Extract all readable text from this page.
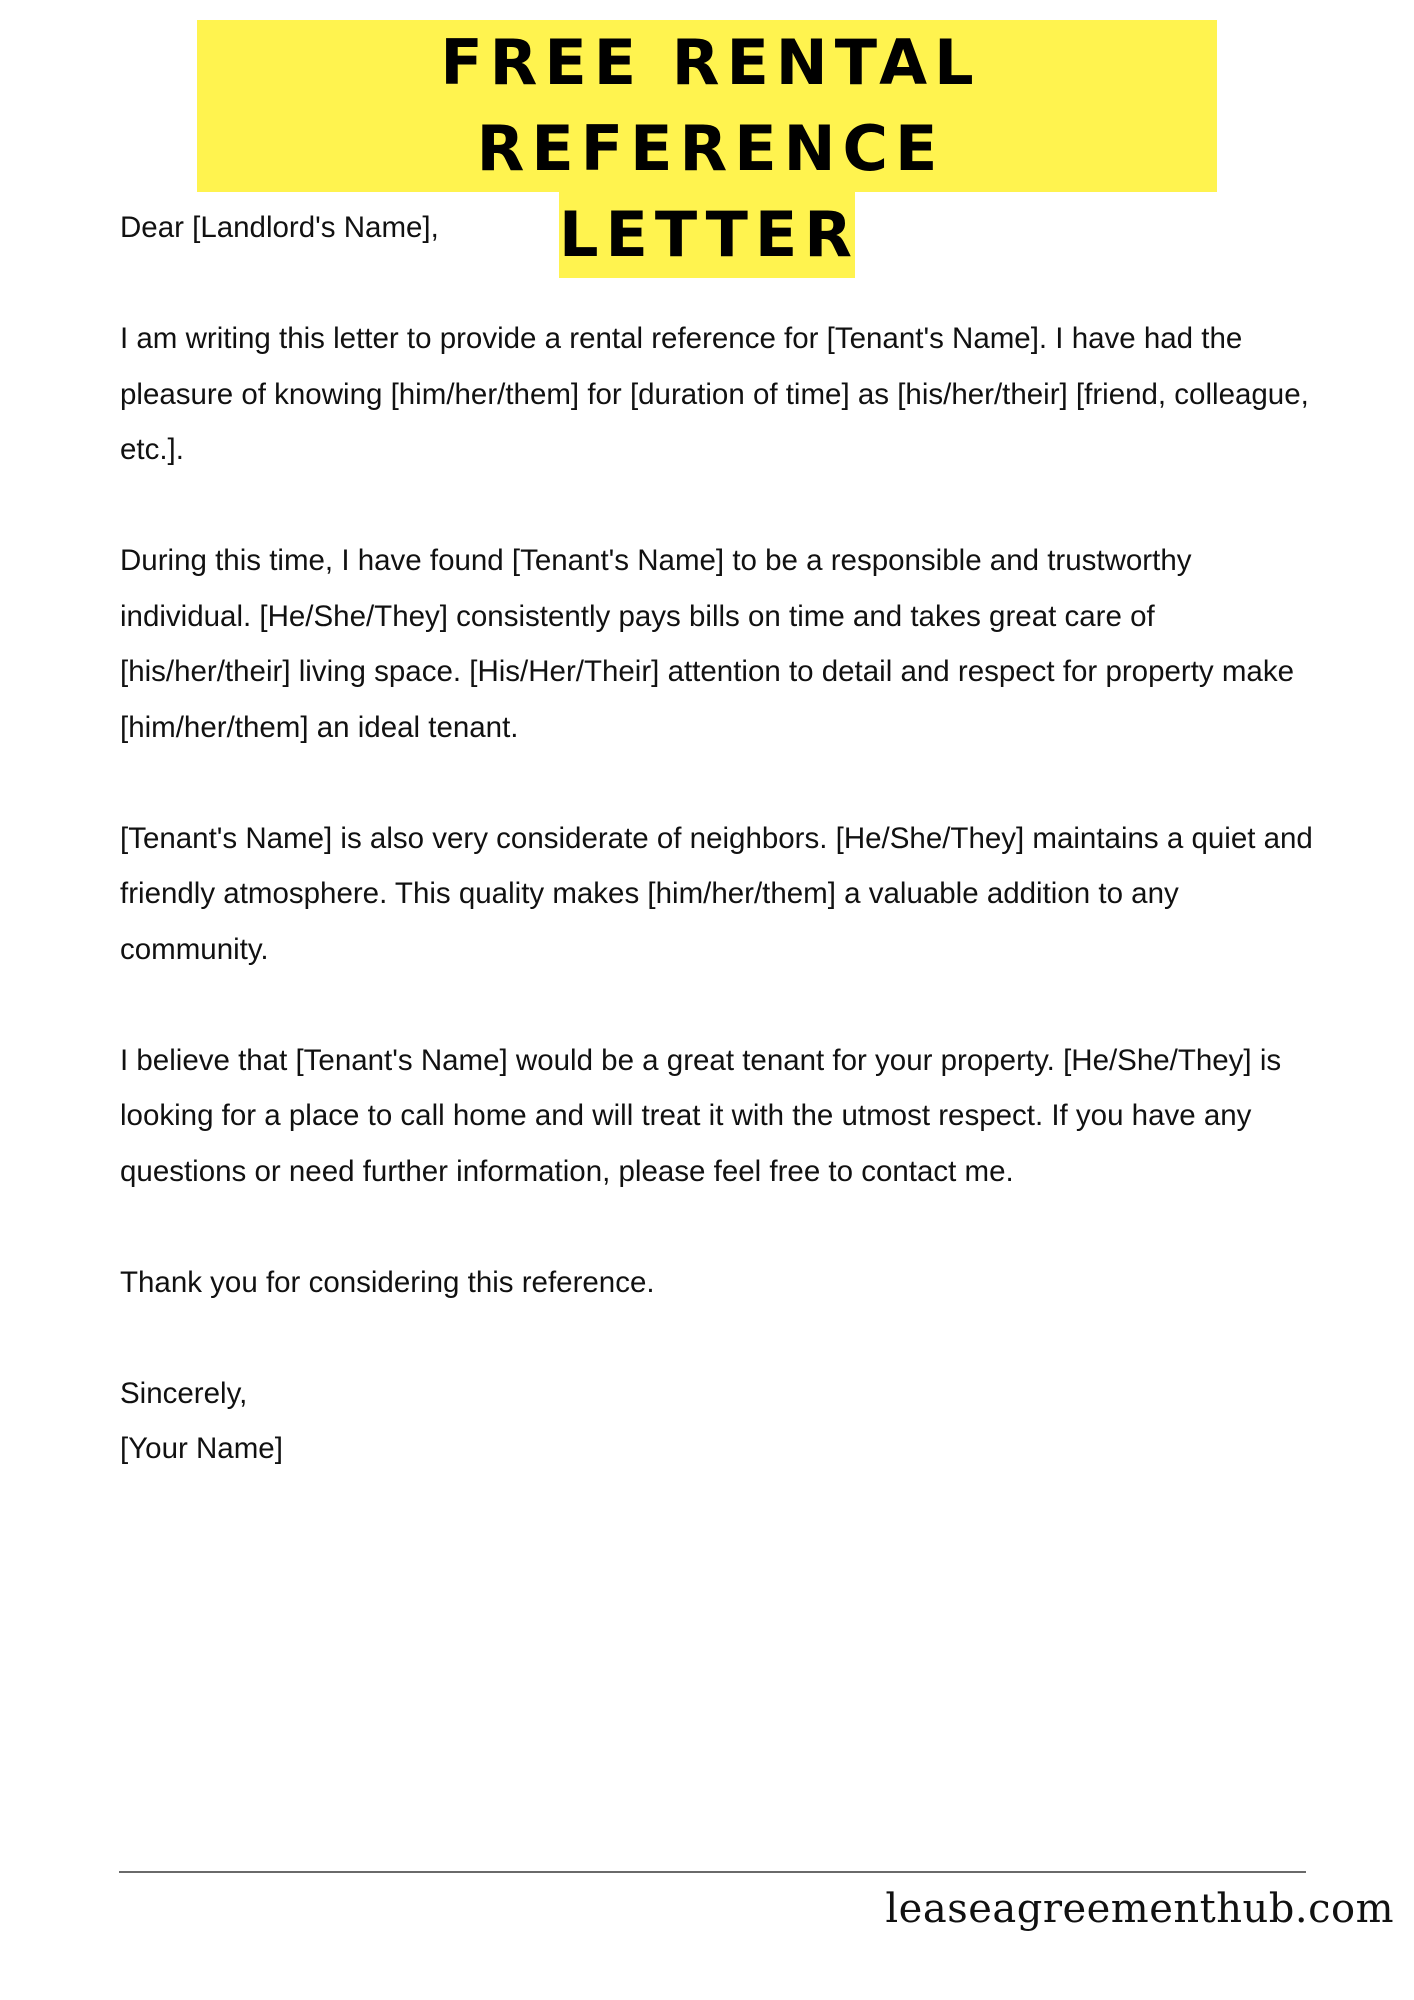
FREE RENTAL REFERENCE
LETTER

Dear [Landlord's Name],

I am writing this letter to provide a rental reference for [Tenant's Name]. I have had the pleasure of knowing [him/her/them] for [duration of time] as [his/her/their] [friend, colleague, etc.].

During this time, I have found [Tenant's Name] to be a responsible and trustworthy individual. [He/She/They] consistently pays bills on time and takes great care of [his/her/their] living space. [His/Her/Their] attention to detail and respect for property make [him/her/them] an ideal tenant.

[Tenant's Name] is also very considerate of neighbors. [He/She/They] maintains a quiet and friendly atmosphere. This quality makes [him/her/them] a valuable addition to any community.

I believe that [Tenant's Name] would be a great tenant for your property. [He/She/They] is looking for a place to call home and will treat it with the utmost respect. If you have any questions or need further information, please feel free to contact me.

Thank you for considering this reference.

Sincerely,

[Your Name]

leaseagreementhub.com
